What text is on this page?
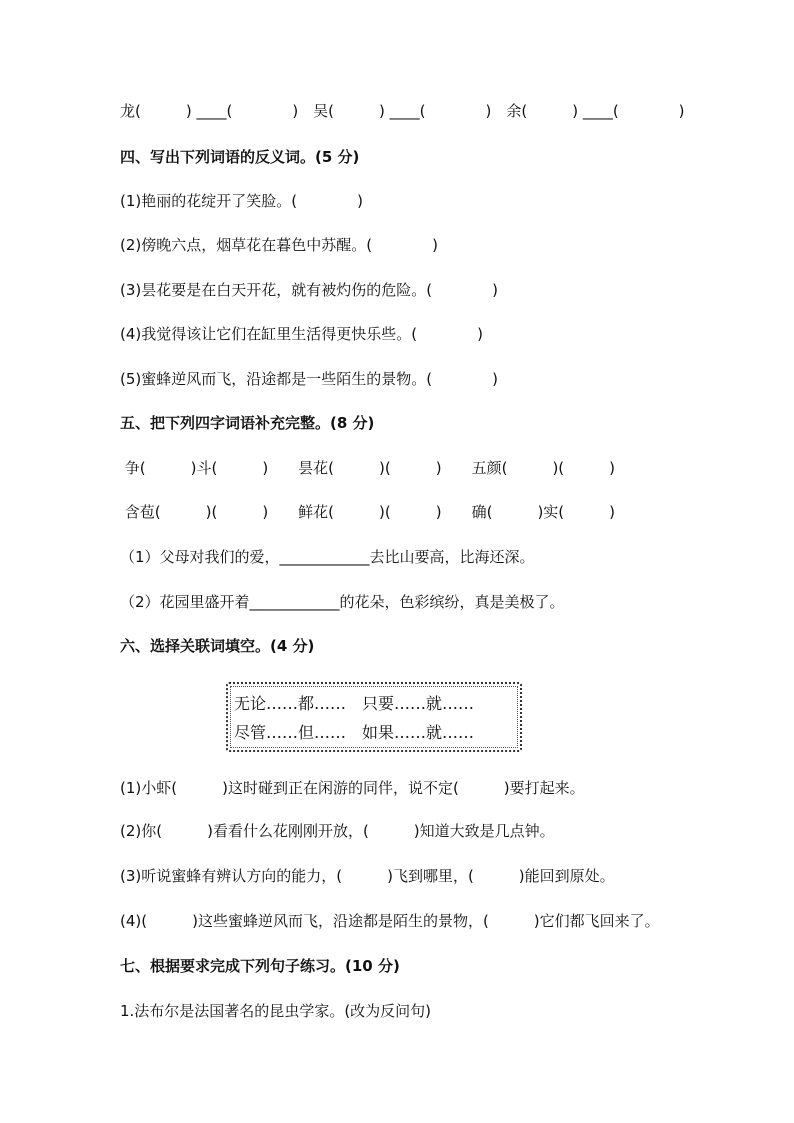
龙(　　　) ____(　　　　)　吴(　　　) ____(　　　　)　余(　　　) ____(　　　　)
四、写出下列词语的反义词。(5 分)
(1)艳丽的花绽开了笑脸。(　　　　)
(2)傍晚六点，烟草花在暮色中苏醒。(　　　　)
(3)昙花要是在白天开花，就有被灼伤的危险。(　　　　)
(4)我觉得该让它们在缸里生活得更快乐些。(　　　　)
(5)蜜蜂逆风而飞，沿途都是一些陌生的景物。(　　　　)
五、把下列四字词语补充完整。(8 分)
争(　　　)斗(　　　)　　昙花(　　　)(　　　)　　五颜(　　　)(　　　)
含苞(　　　)(　　　)　　鲜花(　　　)(　　　)　　确(　　　)实(　　　)
（1）父母对我们的爱，____________去比山要高，比海还深。
（2）花园里盛开着____________的花朵，色彩缤纷，真是美极了。
六、选择关联词填空。(4 分)
无论……都……　只要……就……
尽管……但……　如果……就……
(1)小虾(　　　)这时碰到正在闲游的同伴，说不定(　　　)要打起来。
(2)你(　　　)看看什么花刚刚开放，(　　　)知道大致是几点钟。
(3)听说蜜蜂有辨认方向的能力，(　　　)飞到哪里，(　　　)能回到原处。
(4)(　　　)这些蜜蜂逆风而飞，沿途都是陌生的景物，(　　　)它们都飞回来了。
七、根据要求完成下列句子练习。(10 分)
1.法布尔是法国著名的昆虫学家。(改为反问句)
